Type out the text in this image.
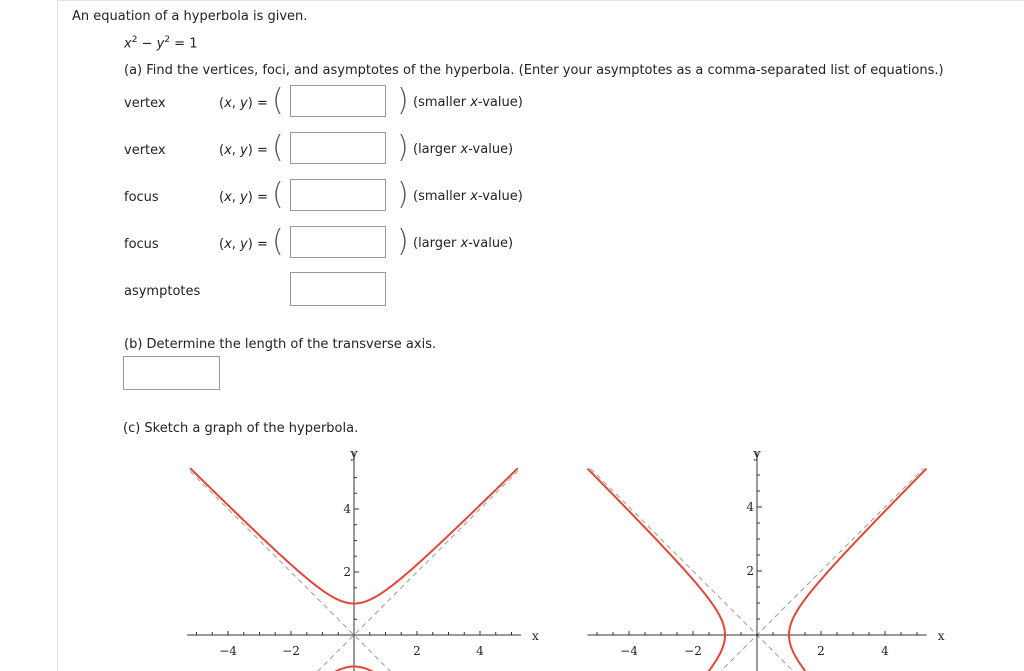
An equation of a hyperbola is given.
$x^2 - y^2 = 1$
(a) Find the vertices, foci, and asymptotes of the hyperbola. (Enter your asymptotes as a comma-separated list of equations.)
vertex	(x, y) = (	) (smaller x-value)
vertex	(x, y) = (	) (larger x-value)
focus	(x, y) = (	) (smaller x-value)
focus	(x, y) = (	) (larger x-value)
asymptotes
(b) Determine the length of the transverse axis.
(c) Sketch a graph of the hyperbola.
−4	−2	2	4
2
4
x
y
−4	−2	2	4
2
4
x
y
